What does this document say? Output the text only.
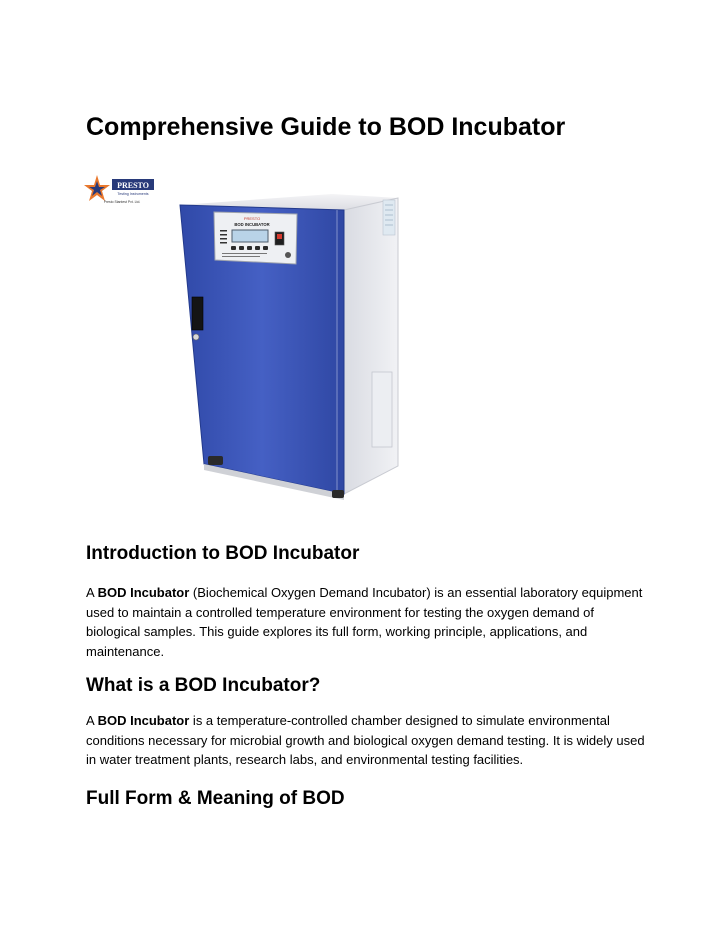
Comprehensive Guide to BOD Incubator
PRESTO
BOD INCUBATOR
PRESTO
Testing Instruments
Presto Stantest Pvt. Ltd.
Introduction to BOD Incubator

A BOD Incubator (Biochemical Oxygen Demand Incubator) is an essential laboratory equipment used to maintain a controlled temperature environment for testing the oxygen demand of biological samples. This guide explores its full form, working principle, applications, and maintenance.

What is a BOD Incubator?

A BOD Incubator is a temperature-controlled chamber designed to simulate environmental conditions necessary for microbial growth and biological oxygen demand testing. It is widely used in water treatment plants, research labs, and environmental testing facilities.

Full Form & Meaning of BOD
